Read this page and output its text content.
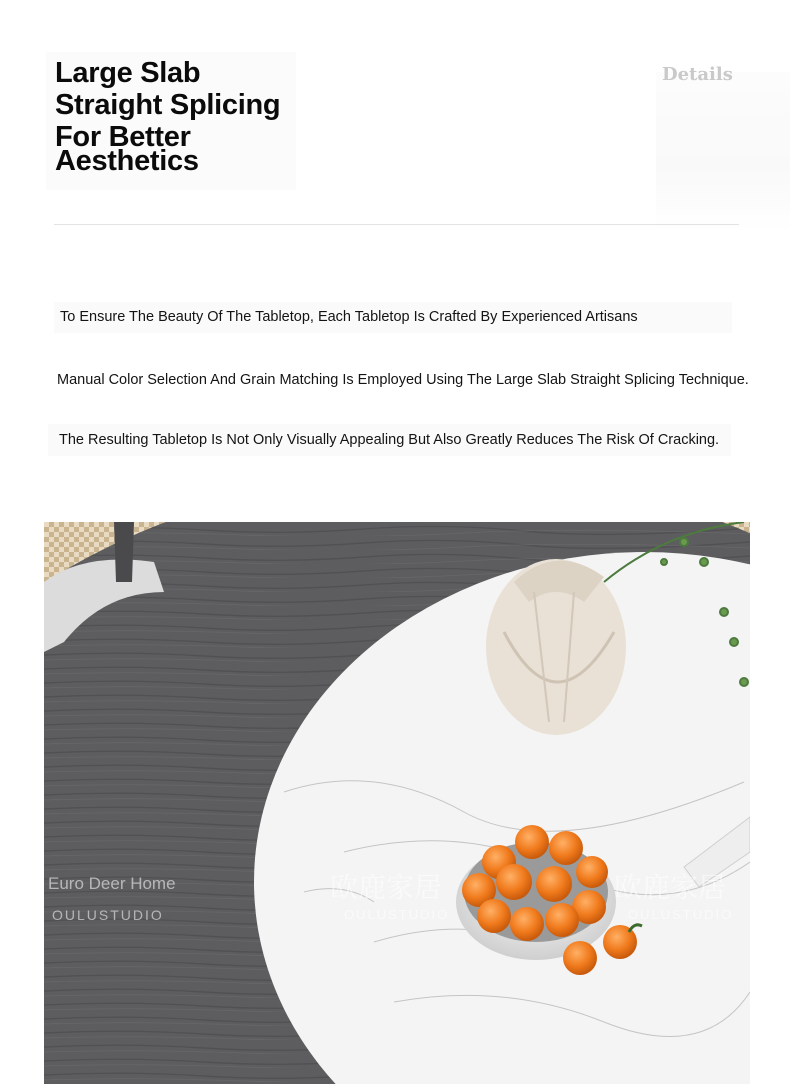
Large Slab
Straight Splicing
For Better
Aesthetics

Details

To Ensure The Beauty Of The Tabletop, Each Tabletop Is Crafted By Experienced Artisans

Manual Color Selection And Grain Matching Is Employed Using The Large Slab Straight Splicing Technique.

The Resulting Tabletop Is Not Only Visually Appealing But Also Greatly Reduces The Risk Of Cracking.

Euro Deer Home

OULUSTUDIO

欧鹿家居

OULUSTUDIO

欧鹿家居

OULUSTUDIO
